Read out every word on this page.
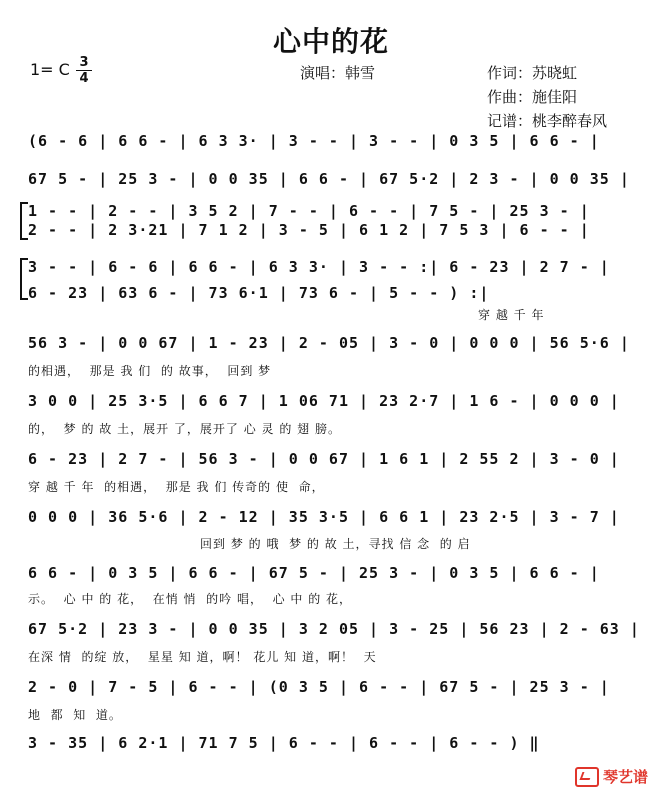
心中的花
1= C 3
4	演唱：韩雪	作词：苏晓虹
作曲：施佳阳
记谱：桃李醉春风
(6 - 6 | 6 6 - | 6 3 3· | 3 - - | 3 - - | 0 3 5 | 6 6 - |
67 5 - | 25 3 - | 0 0 35 | 6 6 - | 67 5·2 | 2 3 - | 0 0 35 |
1 - - | 2 - - | 3 5 2 | 7 - - | 6 - - | 7 5 - | 25 3 - |
2 - - | 2 3·21 | 7 1 2 | 3 - 5 | 6 1 2 | 7 5 3 | 6 - - |
3 - - | 6 - 6 | 6 6 - | 6 3 3· | 3 - - :| 6 - 23 | 2 7 - |
6 - 23 | 63 6 - | 73 6·1 | 73 6 - | 5 - - ) :|
穿 越 千 年
56 3 - | 0 0 67 | 1 - 23 | 2 - 05 | 3 - 0 | 0 0 0 | 56 5·6 |
的相遇，  那是 我 们  的 故事，  回到 梦
3 0 0 | 25 3·5 | 6 6 7 | 1 06 71 | 23 2·7 | 1 6 - | 0 0 0 |
的，  梦 的 故 土，展开 了，展开了 心 灵 的 翅 膀。
6 - 23 | 2 7 - | 56 3 - | 0 0 67 | 1 6 1 | 2 55 2 | 3 - 0 |
穿 越 千 年  的相遇，  那是 我 们 传奇的 使  命，
0 0 0 | 36 5·6 | 2 - 12 | 35 3·5 | 6 6 1 | 23 2·5 | 3 - 7 |
回到 梦 的 哦  梦 的 故 土，寻找 信 念  的 启
6 6 - | 0 3 5 | 6 6 - | 67 5 - | 25 3 - | 0 3 5 | 6 6 - |
示。  心 中 的 花，  在悄 悄  的吟 唱，  心 中 的 花，
67 5·2 | 23 3 - | 0 0 35 | 3 2 05 | 3 - 25 | 56 23 | 2 - 63 |
在深 情  的绽 放，  星星 知 道，啊！ 花儿 知 道，啊！  天
2 - 0 | 7 - 5 | 6 - - | (0 3 5 | 6 - - | 67 5 - | 25 3 - |
地  都  知  道。
3 - 35 | 6 2·1 | 71 7 5 | 6 - - | 6 - - | 6 - - ) ‖
琴艺谱
